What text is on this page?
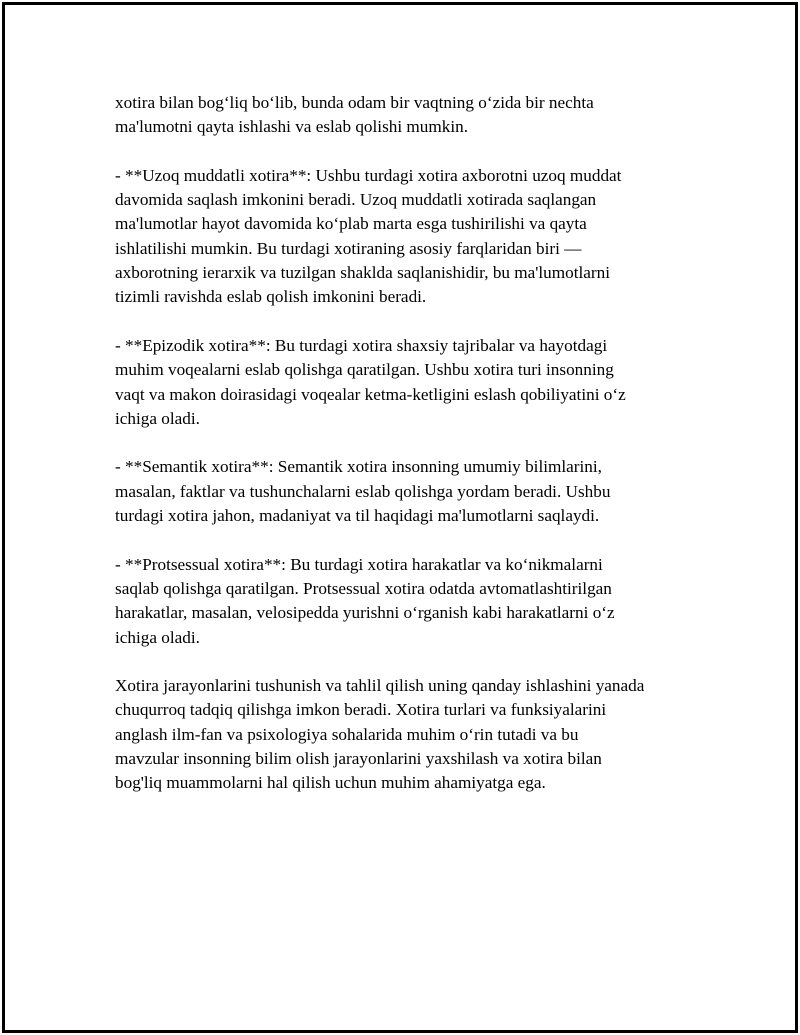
xotira bilan bog‘liq bo‘lib, bunda odam bir vaqtning o‘zida bir nechta
ma'lumotni qayta ishlashi va eslab qolishi mumkin.
- **Uzoq muddatli xotira**: Ushbu turdagi xotira axborotni uzoq muddat
davomida saqlash imkonini beradi. Uzoq muddatli xotirada saqlangan
ma'lumotlar hayot davomida ko‘plab marta esga tushirilishi va qayta
ishlatilishi mumkin. Bu turdagi xotiraning asosiy farqlaridan biri —
axborotning ierarxik va tuzilgan shaklda saqlanishidir, bu ma'lumotlarni
tizimli ravishda eslab qolish imkonini beradi.
- **Epizodik xotira**: Bu turdagi xotira shaxsiy tajribalar va hayotdagi
muhim voqealarni eslab qolishga qaratilgan. Ushbu xotira turi insonning
vaqt va makon doirasidagi voqealar ketma-ketligini eslash qobiliyatini o‘z
ichiga oladi.
- **Semantik xotira**: Semantik xotira insonning umumiy bilimlarini,
masalan, faktlar va tushunchalarni eslab qolishga yordam beradi. Ushbu
turdagi xotira jahon, madaniyat va til haqidagi ma'lumotlarni saqlaydi.
- **Protsessual xotira**: Bu turdagi xotira harakatlar va ko‘nikmalarni
saqlab qolishga qaratilgan. Protsessual xotira odatda avtomatlashtirilgan
harakatlar, masalan, velosipedda yurishni o‘rganish kabi harakatlarni o‘z
ichiga oladi.
Xotira jarayonlarini tushunish va tahlil qilish uning qanday ishlashini yanada
chuqurroq tadqiq qilishga imkon beradi. Xotira turlari va funksiyalarini
anglash ilm-fan va psixologiya sohalarida muhim o‘rin tutadi va bu
mavzular insonning bilim olish jarayonlarini yaxshilash va xotira bilan
bog'liq muammolarni hal qilish uchun muhim ahamiyatga ega.
